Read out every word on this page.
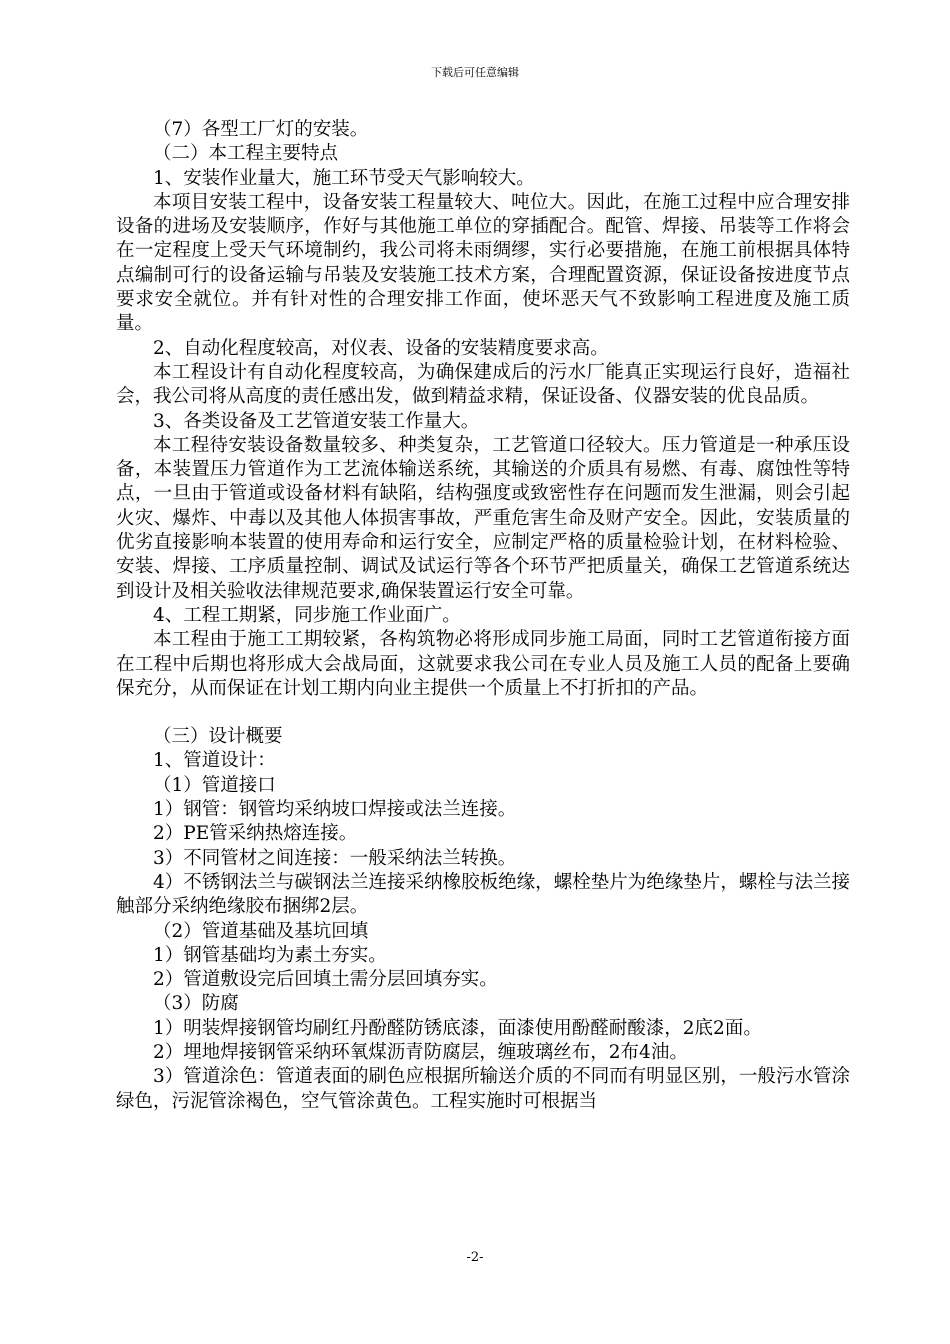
下载后可任意编辑

（7）各型工厂灯的安装。

（二）本工程主要特点

1、安装作业量大，施工环节受天气影响较大。

本项目安装工程中，设备安装工程量较大、吨位大。因此，在施工过程中应合理安排设备的进场及安装顺序，作好与其他施工单位的穿插配合。配管、焊接、吊装等工作将会在一定程度上受天气环境制约，我公司将未雨绸缪，实行必要措施，在施工前根据具体特点编制可行的设备运输与吊装及安装施工技术方案，合理配置资源，保证设备按进度节点要求安全就位。并有针对性的合理安排工作面，使坏恶天气不致影响工程进度及施工质量。

2、自动化程度较高，对仪表、设备的安装精度要求高。

本工程设计有自动化程度较高，为确保建成后的污水厂能真正实现运行良好，造福社会，我公司将从高度的责任感出发，做到精益求精，保证设备、仪器安装的优良品质。

3、各类设备及工艺管道安装工作量大。

本工程待安装设备数量较多、种类复杂，工艺管道口径较大。压力管道是一种承压设备，本装置压力管道作为工艺流体输送系统，其输送的介质具有易燃、有毒、腐蚀性等特点，一旦由于管道或设备材料有缺陷，结构强度或致密性存在问题而发生泄漏，则会引起火灾、爆炸、中毒以及其他人体损害事故，严重危害生命及财产安全。因此，安装质量的优劣直接影响本装置的使用寿命和运行安全，应制定严格的质量检验计划，在材料检验、安装、焊接、工序质量控制、调试及试运行等各个环节严把质量关，确保工艺管道系统达到设计及相关验收法律规范要求,确保装置运行安全可靠。

4、工程工期紧，同步施工作业面广。

本工程由于施工工期较紧，各构筑物必将形成同步施工局面，同时工艺管道衔接方面在工程中后期也将形成大会战局面，这就要求我公司在专业人员及施工人员的配备上要确保充分，从而保证在计划工期内向业主提供一个质量上不打折扣的产品。

（三）设计概要

1、管道设计：

（1）管道接口

1）钢管：钢管均采纳坡口焊接或法兰连接。

2）PE管采纳热熔连接。

3）不同管材之间连接：一般采纳法兰转换。

4）不锈钢法兰与碳钢法兰连接采纳橡胶板绝缘，螺栓垫片为绝缘垫片，螺栓与法兰接触部分采纳绝缘胶布捆绑2层。

（2）管道基础及基坑回填

1）钢管基础均为素土夯实。

2）管道敷设完后回填土需分层回填夯实。

（3）防腐

1）明装焊接钢管均刷红丹酚醛防锈底漆，面漆使用酚醛耐酸漆，2底2面。

2）埋地焊接钢管采纳环氧煤沥青防腐层，缠玻璃丝布，2布4油。

3）管道涂色：管道表面的刷色应根据所输送介质的不同而有明显区别，一般污水管涂绿色，污泥管涂褐色，空气管涂黄色。工程实施时可根据当

-2-
